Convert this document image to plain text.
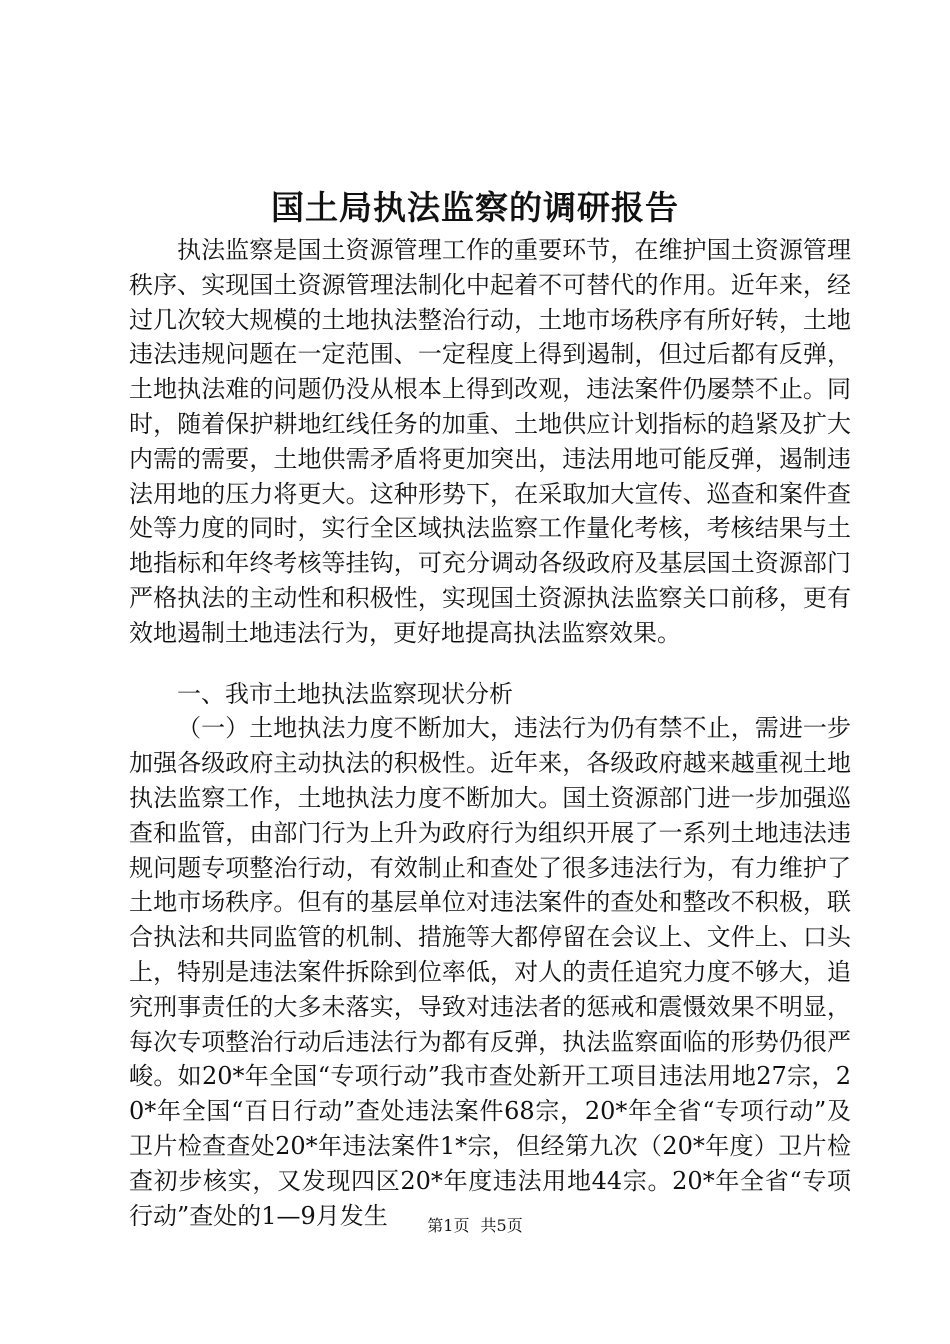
国土局执法监察的调研报告

执法监察是国土资源管理工作的重要环节，在维护国土资源管理秩序、实现国土资源管理法制化中起着不可替代的作用。近年来，经过几次较大规模的土地执法整治行动，土地市场秩序有所好转，土地违法违规问题在一定范围、一定程度上得到遏制，但过后都有反弹，土地执法难的问题仍没从根本上得到改观，违法案件仍屡禁不止。同时，随着保护耕地红线任务的加重、土地供应计划指标的趋紧及扩大内需的需要，土地供需矛盾将更加突出，违法用地可能反弹，遏制违法用地的压力将更大。这种形势下，在采取加大宣传、巡查和案件查处等力度的同时，实行全区域执法监察工作量化考核，考核结果与土地指标和年终考核等挂钩，可充分调动各级政府及基层国土资源部门严格执法的主动性和积极性，实现国土资源执法监察关口前移，更有效地遏制土地违法行为，更好地提高执法监察效果。

一、我市土地执法监察现状分析

（一）土地执法力度不断加大，违法行为仍有禁不止，需进一步加强各级政府主动执法的积极性。近年来，各级政府越来越重视土地执法监察工作，土地执法力度不断加大。国土资源部门进一步加强巡查和监管，由部门行为上升为政府行为组织开展了一系列土地违法违规问题专项整治行动，有效制止和查处了很多违法行为，有力维护了土地市场秩序。但有的基层单位对违法案件的查处和整改不积极，联合执法和共同监管的机制、措施等大都停留在会议上、文件上、口头上，特别是违法案件拆除到位率低，对人的责任追究力度不够大，追究刑事责任的大多未落实，导致对违法者的惩戒和震慑效果不明显，每次专项整治行动后违法行为都有反弹，执法监察面临的形势仍很严峻。如20*年全国“专项行动”我市查处新开工项目违法用地27宗，20*年全国“百日行动”查处违法案件68宗，20*年全省“专项行动”及卫片检查查处20*年违法案件1*宗，但经第九次（20*年度）卫片检查初步核实，又发现四区20*年度违法用地44宗。20*年全省“专项行动”查处的1—9月发生	第1页 共5页
